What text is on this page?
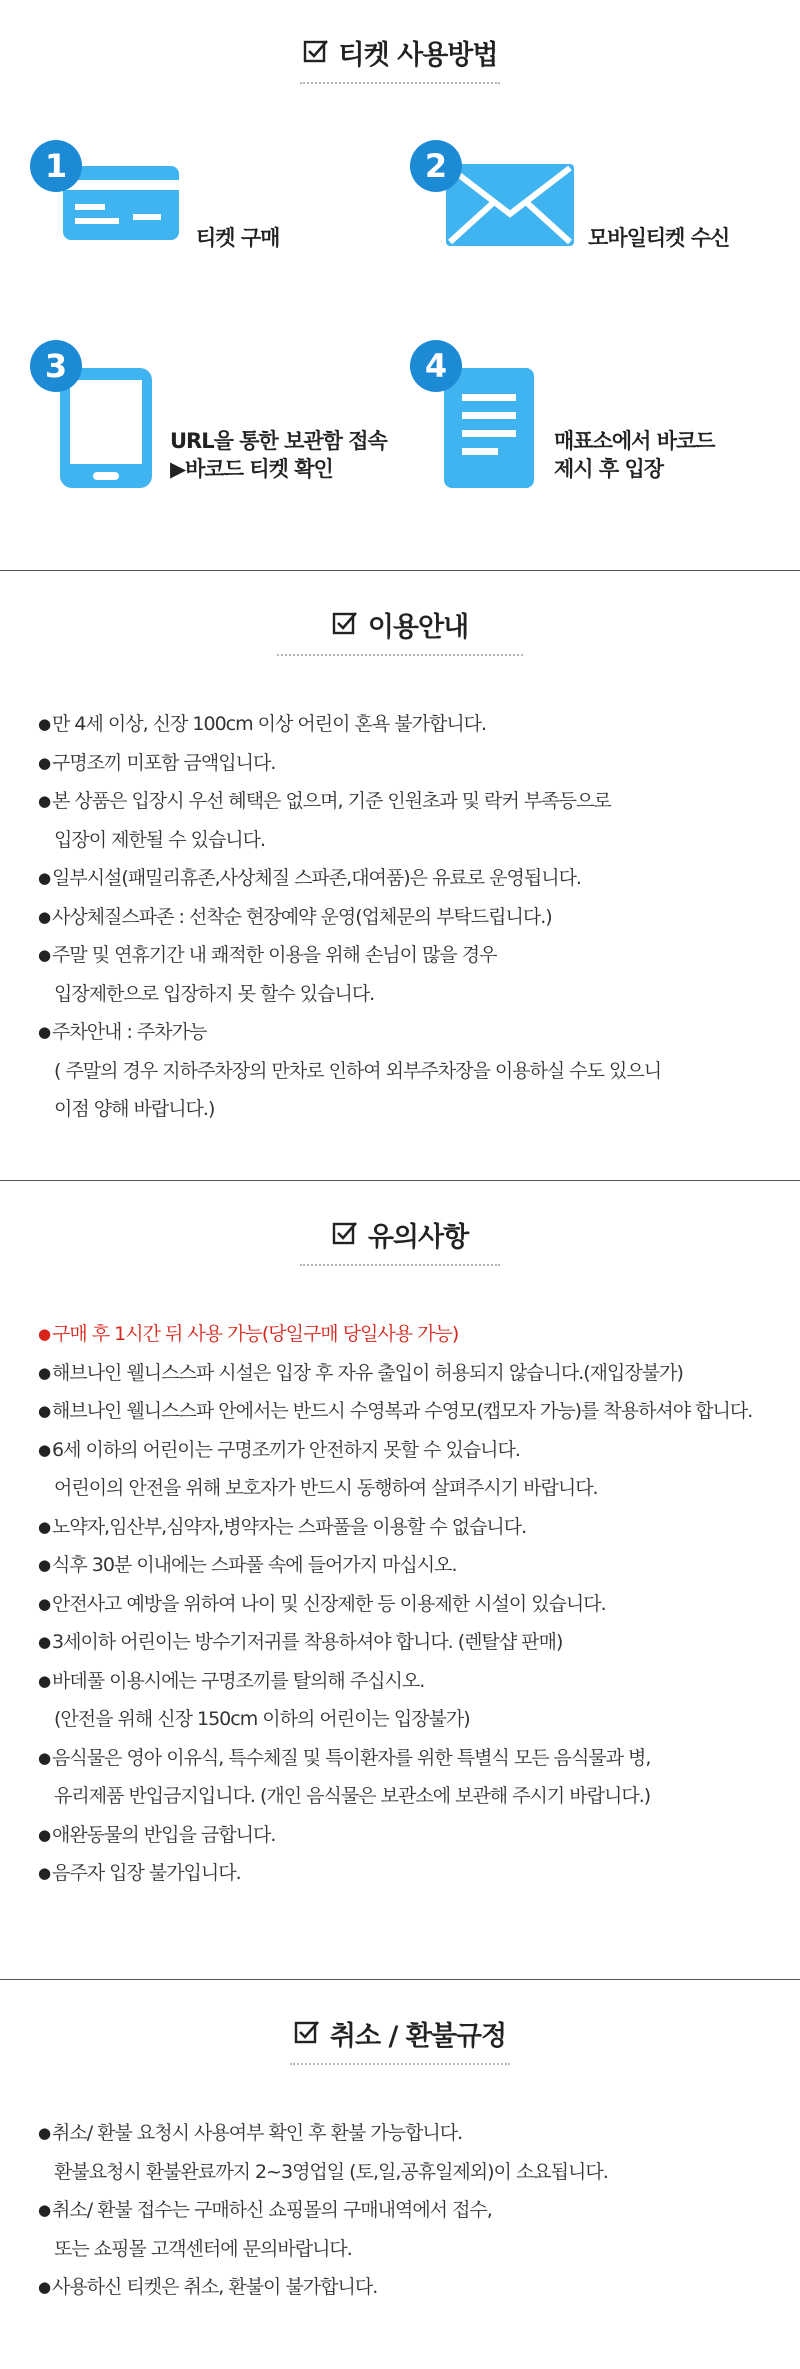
티켓 사용방법
1
티켓 구매
2
모바일티켓 수신
3
URL을 통한 보관함 접속
▶바코드 티켓 확인
4
매표소에서 바코드
제시 후 입장
이용안내
● 만 4세 이상, 신장 100cm 이상 어린이 혼욕 불가합니다.
● 구명조끼 미포함 금액입니다.
● 본 상품은 입장시 우선 혜택은 없으며, 기준 인원초과 및 락커 부족등으로
입장이 제한될 수 있습니다.
● 일부시설(패밀리휴존,사상체질 스파존,대여품)은 유료로 운영됩니다.
● 사상체질스파존 : 선착순 현장예약 운영(업체문의 부탁드립니다.)
● 주말 및 연휴기간 내 쾌적한 이용을 위해 손님이 많을 경우
입장제한으로 입장하지 못 할수 있습니다.
● 주차안내 : 주차가능
( 주말의 경우 지하주차장의 만차로 인하여 외부주차장을 이용하실 수도 있으니
이점 양해 바랍니다.)
유의사항
● 구매 후 1시간 뒤 사용 가능(당일구매 당일사용 가능)
● 해브나인 웰니스스파 시설은 입장 후 자유 출입이 허용되지 않습니다.(재입장불가)
● 해브나인 웰니스스파 안에서는 반드시 수영복과 수영모(캡모자 가능)를 착용하셔야 합니다.
● 6세 이하의 어린이는 구명조끼가 안전하지 못할 수 있습니다.
어린이의 안전을 위해 보호자가 반드시 동행하여 살펴주시기 바랍니다.
● 노약자,임산부,심약자,병약자는 스파풀을 이용할 수 없습니다.
● 식후 30분 이내에는 스파풀 속에 들어가지 마십시오.
● 안전사고 예방을 위하여 나이 및 신장제한 등 이용제한 시설이 있습니다.
● 3세이하 어린이는 방수기저귀를 착용하셔야 합니다. (렌탈샵 판매)
● 바데풀 이용시에는 구명조끼를 탈의해 주십시오.
(안전을 위해 신장 150cm 이하의 어린이는 입장불가)
● 음식물은 영아 이유식, 특수체질 및 특이환자를 위한 특별식 모든 음식물과 병,
유리제품 반입금지입니다. (개인 음식물은 보관소에 보관해 주시기 바랍니다.)
● 애완동물의 반입을 금합니다.
● 음주자 입장 불가입니다.
취소 / 환불규정
● 취소/ 환불 요청시 사용여부 확인 후 환불 가능합니다.
환불요청시 환불완료까지 2~3영업일 (토,일,공휴일제외)이 소요됩니다.
● 취소/ 환불 접수는 구매하신 쇼핑몰의 구매내역에서 접수,
또는 쇼핑몰 고객센터에 문의바랍니다.
● 사용하신 티켓은 취소, 환불이 불가합니다.
